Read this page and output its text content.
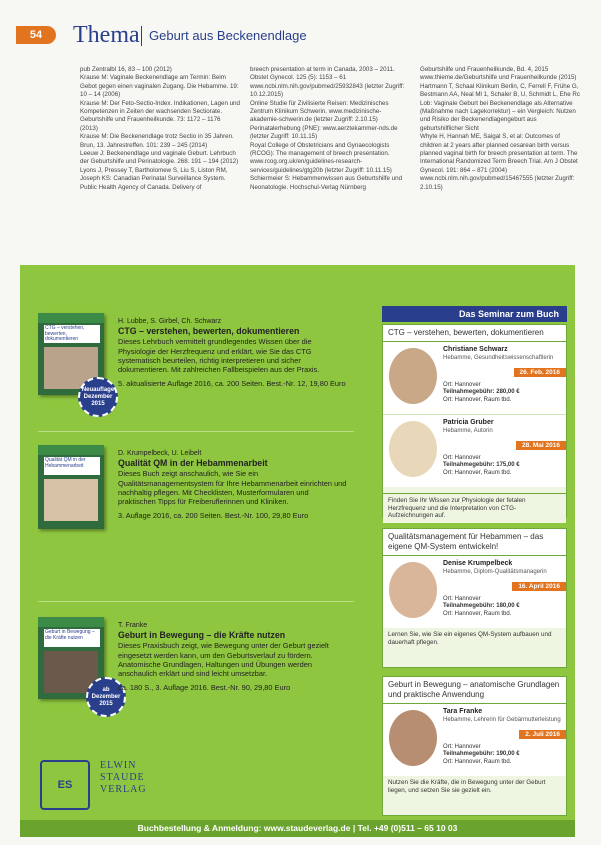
54	Thema Geburt aus Beckenendlage

pub Zentralbl 16, 83 – 100 (2012)

Krause M: Vaginale Beckenendlage am Termin: Beim Gebot gegen einen vaginalen Zugang. Die Hebamme. 19: 10 – 14 (2006)

Krause M: Der Feto-Sectio-Index. Indikationen, Lagen und Kompetenzen in Zeiten der wachsenden Sectiorate. Geburtshilfe und Frauenheilkunde. 73: 1172 – 1176 (2013)

Krause M: Die Beckenendlage trotz Sectio in 35 Jahren. Brun, 13. Jahrestreffen. 101: 239 – 245 (2014)

Leeuw J: Beckenendlage und vaginale Geburt. Lehrbuch der Geburtshilfe und Perinatologie. 268. 191 – 194 (2012)

Lyons J, Pressey T, Bartholomew S, Liu S, Liston RM, Joseph KS: Canadian Perinatal Surveillance System. Public Health Agency of Canada. Delivery of

breech presentation at term in Canada, 2003 – 2011. Obstet Gynecol. 125 (5): 1153 – 61

www.ncbi.nlm.nih.gov/pubmed/25932843 (letzter Zugriff: 10.12.2015)

Online Studie für Zivilisierte Reisen: Medizinisches Zentrum Klinikum Schwerin. www.medizinische-akademie-schwerin.de (letzter Zugriff: 2.10.15)

Perinatalerhebung (PNE): www.aerztekammer-nds.de (letzter Zugriff: 10.11.15)

Royal College of Obstetricians and Gynaecologists (RCOG): The management of breech presentation. www.rcog.org.uk/en/guidelines-research-services/guidelines/gtg20b (letzter Zugriff: 10.11.15)

Schiermeier S: Hebammenwissen aus Geburtshilfe und Neonatologie. Hochschul-Verlag Nürnberg

Geburtshilfe und Frauenheilkunde, Bd. 4, 2015

www.thieme.de/Geburtshilfe und Frauenheilkunde (2015)

Hartmann T, Schaal Klinikum Berlin, C, Ferrell F, Frühe G, Bestmann AA, Neal Ml 1, Schaler B, U, Schmidt L, Ehe Rc Lob: Vaginale Geburt bei Beckenendlage als Alternative (Maßnahme nach Lagekorrektur) – ein Vergleich: Nutzen und Risiko der Beckenendlagengeburt aus geburtshilflicher Sicht

Whyte H, Hannah ME, Saigal S, et al: Outcomes of children at 2 years after planned cesarean birth versus planned vaginal birth for breech presentation at term. The International Randomized Term Breech Trial. Am J Obstet Gynecol. 191: 864 – 871 (2004)

www.ncbi.nlm.nih.gov/pubmed/15467555 (letzter Zugriff: 2.10.15)

CTG – verstehen, bewerten, dokumentieren
Neuauflage Dezember 2015
H. Lubbe, S. Girbel, Ch. Schwarz
CTG – verstehen, bewerten, dokumentieren

Dieses Lehrbuch vermittelt grundlegendes Wissen über die Physiologie der Herzfrequenz und erklärt, wie Sie das CTG systematisch beurteilen, richtig interpretieren und sicher dokumentieren. Mit zahlreichen Fallbeispielen aus der Praxis.

5. aktualisierte Auflage 2016, ca. 200 Seiten. Best.-Nr. 12, 19,80 Euro
Qualität QM in der Hebammenarbeit
D. Krumpelbeck, U. Leibelt
Qualität QM in der Hebammenarbeit

Dieses Buch zeigt anschaulich, wie Sie ein Qualitätsmanagementsystem für Ihre Hebammenarbeit einrichten und nachhaltig pflegen. Mit Checklisten, Musterformularen und praktischen Tipps für Freiberuflerinnen und Kliniken.

3. Auflage 2016, ca. 200 Seiten. Best.-Nr. 100, 29,80 Euro
Geburt in Bewegung – die Kräfte nutzen
ab Dezember 2015
T. Franke
Geburt in Bewegung – die Kräfte nutzen

Dieses Praxisbuch zeigt, wie Bewegung unter der Geburt gezielt eingesetzt werden kann, um den Geburtsverlauf zu fördern. Anatomische Grundlagen, Haltungen und Übungen werden anschaulich erklärt und sind leicht umsetzbar.

ca. 180 S., 3. Auflage 2016. Best.-Nr. 90, 29,80 Euro
Das Seminar zum Buch
CTG – verstehen, bewerten, dokumentieren
Christiane Schwarz
Hebamme, Gesundheitswissenschaftlerin
26. Feb. 2016
Ort: Hannover
Teilnahmegebühr: 280,00 €
Ort: Hannover, Raum tbd.
Patricia Gruber
Hebamme, Autorin
28. Mai 2016
Ort: Hannover
Teilnahmegebühr: 175,00 €
Ort: Hannover, Raum tbd.
Finden Sie Ihr Wissen zur Physiologie der fetalen Herzfrequenz und die Interpretation von CTG-Aufzeichnungen auf.
Qualitätsmanagement für Hebammen – das eigene QM-System entwickeln!
Denise Krumpelbeck
Hebamme, Diplom-Qualitätsmanagerin
16. April 2016
Ort: Hannover
Teilnahmegebühr: 180,00 €
Ort: Hannover, Raum tbd.
Lernen Sie, wie Sie ein eigenes QM-System aufbauen und dauerhaft pflegen.
Geburt in Bewegung – anatomische Grundlagen und praktische Anwendung
Tara Franke
Hebamme, Lehrerin für Gebärmutterleistung
2. Juli 2016
Ort: Hannover
Teilnahmegebühr: 190,00 €
Ort: Hannover, Raum tbd.
Nutzen Sie die Kräfte, die in Bewegung unter der Geburt liegen, und setzen Sie sie gezielt ein.
ES
ELWIN
STAUDE
VERLAG
Buchbestellung & Anmeldung: www.staudeverlag.de | Tel. +49 (0)511 – 65 10 03
